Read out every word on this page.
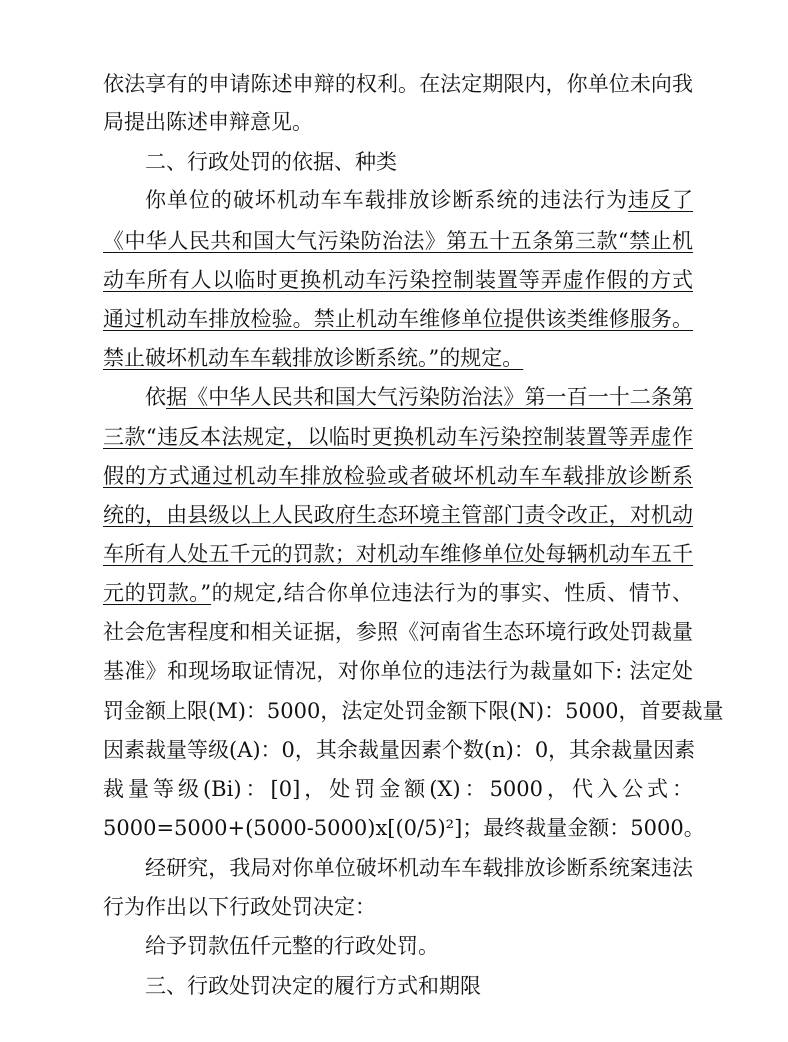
依法享有的申请陈述申辩的权利。在法定期限内，你单位未向我
局提出陈述申辩意见。
二、行政处罚的依据、种类
你单位的破坏机动车车载排放诊断系统的违法行为违反了
《中华人民共和国大气污染防治法》第五十五条第三款“禁止机
动车所有人以临时更换机动车污染控制装置等弄虚作假的方式
通过机动车排放检验。禁止机动车维修单位提供该类维修服务。
禁止破坏机动车车载排放诊断系统。”的规定。
依据《中华人民共和国大气污染防治法》第一百一十二条第
三款“违反本法规定，以临时更换机动车污染控制装置等弄虚作
假的方式通过机动车排放检验或者破坏机动车车载排放诊断系
统的，由县级以上人民政府生态环境主管部门责令改正，对机动
车所有人处五千元的罚款；对机动车维修单位处每辆机动车五千
元的罚款。”的规定,结合你单位违法行为的事实、性质、情节、
社会危害程度和相关证据，参照《河南省生态环境行政处罚裁量
基准》和现场取证情况，对你单位的违法行为裁量如下: 法定处
罚金额上限(M)：5000，法定处罚金额下限(N)：5000，首要裁量
因素裁量等级(A)：0，其余裁量因素个数(n)：0，其余裁量因素
裁量等级(Bi)：[0]，处罚金额(X)：5000，代入公式：
5000=5000+(5000-5000)x[(0/5)²]；最终裁量金额：5000。
经研究，我局对你单位破坏机动车车载排放诊断系统案违法
行为作出以下行政处罚决定：
给予罚款伍仟元整的行政处罚。
三、行政处罚决定的履行方式和期限
